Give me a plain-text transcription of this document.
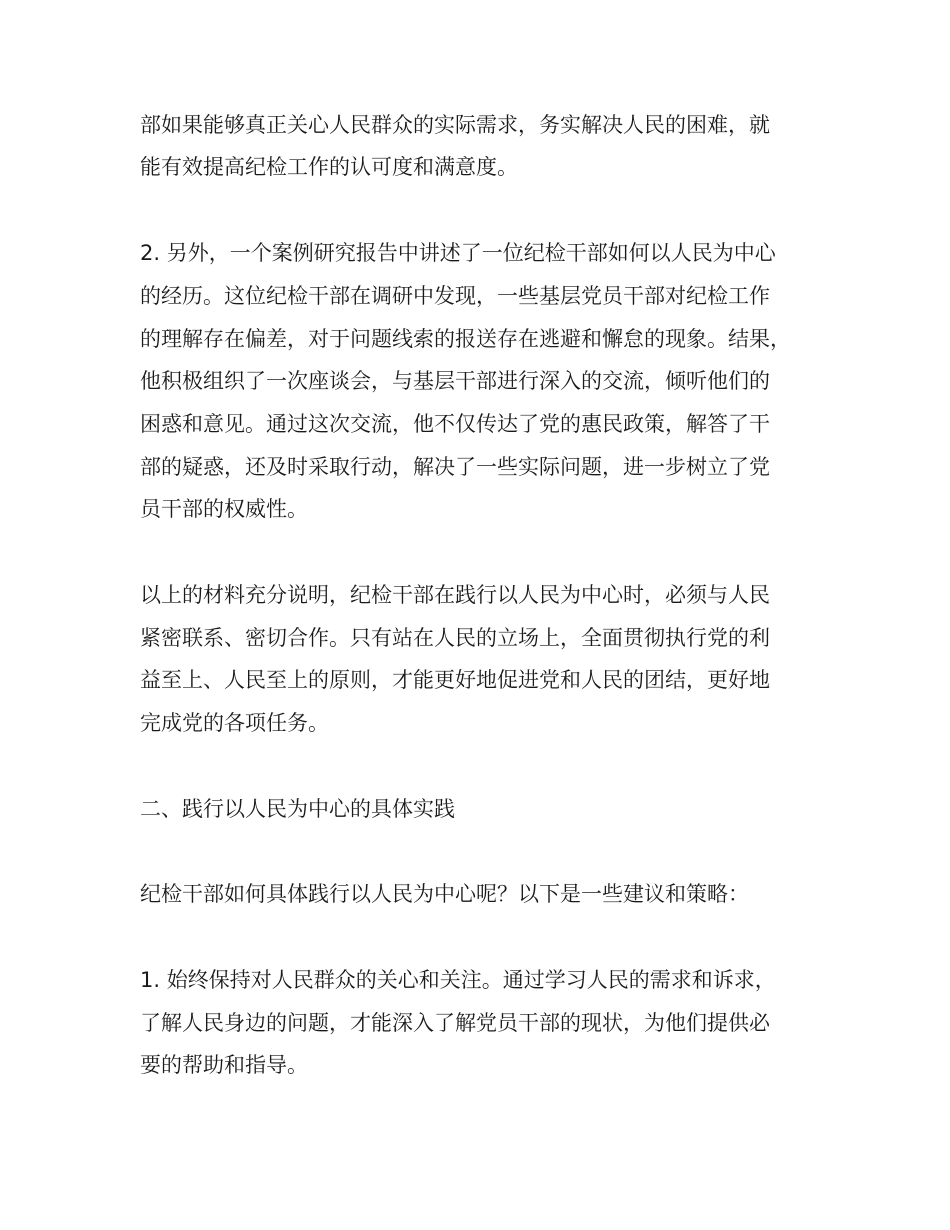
部如果能够真正关心人民群众的实际需求，务实解决人民的困难，就
能有效提高纪检工作的认可度和满意度。
2. 另外，一个案例研究报告中讲述了一位纪检干部如何以人民为中心
的经历。这位纪检干部在调研中发现，一些基层党员干部对纪检工作
的理解存在偏差，对于问题线索的报送存在逃避和懈怠的现象。结果，
他积极组织了一次座谈会，与基层干部进行深入的交流，倾听他们的
困惑和意见。通过这次交流，他不仅传达了党的惠民政策，解答了干
部的疑惑，还及时采取行动，解决了一些实际问题，进一步树立了党
员干部的权威性。
以上的材料充分说明，纪检干部在践行以人民为中心时，必须与人民
紧密联系、密切合作。只有站在人民的立场上，全面贯彻执行党的利
益至上、人民至上的原则，才能更好地促进党和人民的团结，更好地
完成党的各项任务。
二、践行以人民为中心的具体实践
纪检干部如何具体践行以人民为中心呢？以下是一些建议和策略：
1. 始终保持对人民群众的关心和关注。通过学习人民的需求和诉求，
了解人民身边的问题，才能深入了解党员干部的现状，为他们提供必
要的帮助和指导。
